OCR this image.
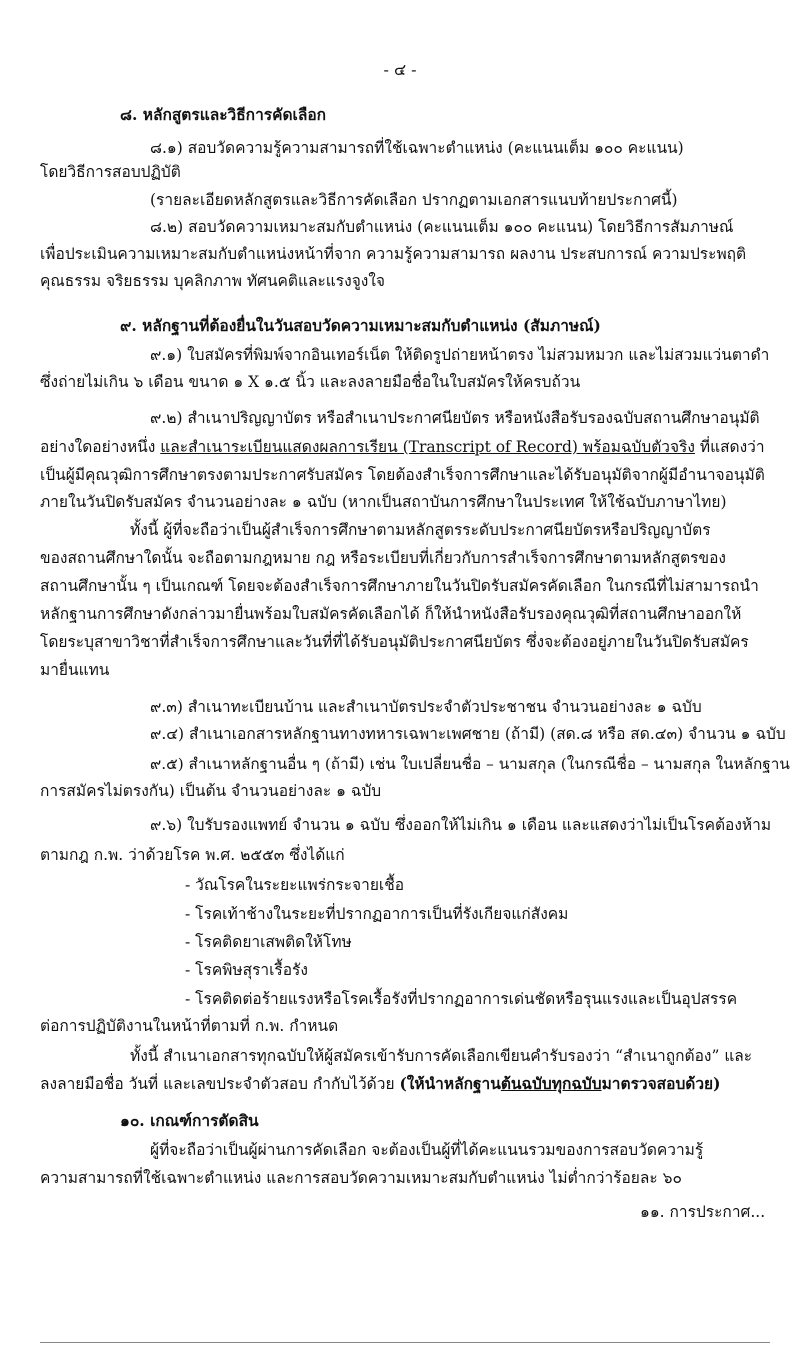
- ๔ -
๘. หลักสูตรและวิธีการคัดเลือก
๘.๑) สอบวัดความรู้ความสามารถที่ใช้เฉพาะตำแหน่ง (คะแนนเต็ม ๑๐๐ คะแนน)
โดยวิธีการสอบปฏิบัติ
(รายละเอียดหลักสูตรและวิธีการคัดเลือก ปรากฏตามเอกสารแนบท้ายประกาศนี้)
๘.๒) สอบวัดความเหมาะสมกับตำแหน่ง (คะแนนเต็ม ๑๐๐ คะแนน) โดยวิธีการสัมภาษณ์
เพื่อประเมินความเหมาะสมกับตำแหน่งหน้าที่จาก ความรู้ความสามารถ ผลงาน ประสบการณ์ ความประพฤติ
คุณธรรม จริยธรรม บุคลิกภาพ ทัศนคติและแรงจูงใจ
๙. หลักฐานที่ต้องยื่นในวันสอบวัดความเหมาะสมกับตำแหน่ง (สัมภาษณ์)
๙.๑) ใบสมัครที่พิมพ์จากอินเทอร์เน็ต ให้ติดรูปถ่ายหน้าตรง ไม่สวมหมวก และไม่สวมแว่นตาดำ
ซึ่งถ่ายไม่เกิน ๖ เดือน ขนาด ๑ X ๑.๕ นิ้ว และลงลายมือชื่อในใบสมัครให้ครบถ้วน
๙.๒) สำเนาปริญญาบัตร หรือสำเนาประกาศนียบัตร หรือหนังสือรับรองฉบับสถานศึกษาอนุมัติ
อย่างใดอย่างหนึ่ง และสำเนาระเบียนแสดงผลการเรียน (Transcript of Record) พร้อมฉบับตัวจริง ที่แสดงว่า
เป็นผู้มีคุณวุฒิการศึกษาตรงตามประกาศรับสมัคร โดยต้องสำเร็จการศึกษาและได้รับอนุมัติจากผู้มีอำนาจอนุมัติ
ภายในวันปิดรับสมัคร จำนวนอย่างละ ๑ ฉบับ (หากเป็นสถาบันการศึกษาในประเทศ ให้ใช้ฉบับภาษาไทย)
ทั้งนี้ ผู้ที่จะถือว่าเป็นผู้สำเร็จการศึกษาตามหลักสูตรระดับประกาศนียบัตรหรือปริญญาบัตร
ของสถานศึกษาใดนั้น จะถือตามกฎหมาย กฎ หรือระเบียบที่เกี่ยวกับการสำเร็จการศึกษาตามหลักสูตรของ
สถานศึกษานั้น ๆ เป็นเกณฑ์ โดยจะต้องสำเร็จการศึกษาภายในวันปิดรับสมัครคัดเลือก ในกรณีที่ไม่สามารถนำ
หลักฐานการศึกษาดังกล่าวมายื่นพร้อมใบสมัครคัดเลือกได้ ก็ให้นำหนังสือรับรองคุณวุฒิที่สถานศึกษาออกให้
โดยระบุสาขาวิชาที่สำเร็จการศึกษาและวันที่ที่ได้รับอนุมัติประกาศนียบัตร ซึ่งจะต้องอยู่ภายในวันปิดรับสมัคร
มายื่นแทน
๙.๓) สำเนาทะเบียนบ้าน และสำเนาบัตรประจำตัวประชาชน จำนวนอย่างละ ๑ ฉบับ
๙.๔) สำเนาเอกสารหลักฐานทางทหารเฉพาะเพศชาย (ถ้ามี) (สด.๘ หรือ สด.๔๓) จำนวน ๑ ฉบับ
๙.๕) สำเนาหลักฐานอื่น ๆ (ถ้ามี) เช่น ใบเปลี่ยนชื่อ – นามสกุล (ในกรณีชื่อ – นามสกุล ในหลักฐาน
การสมัครไม่ตรงกัน) เป็นต้น จำนวนอย่างละ ๑ ฉบับ
๙.๖) ใบรับรองแพทย์ จำนวน ๑ ฉบับ ซึ่งออกให้ไม่เกิน ๑ เดือน และแสดงว่าไม่เป็นโรคต้องห้าม
ตามกฎ ก.พ. ว่าด้วยโรค พ.ศ. ๒๕๕๓ ซึ่งได้แก่
- วัณโรคในระยะแพร่กระจายเชื้อ
- โรคเท้าช้างในระยะที่ปรากฏอาการเป็นที่รังเกียจแก่สังคม
- โรคติดยาเสพติดให้โทษ
- โรคพิษสุราเรื้อรัง
- โรคติดต่อร้ายแรงหรือโรคเรื้อรังที่ปรากฏอาการเด่นชัดหรือรุนแรงและเป็นอุปสรรค
ต่อการปฏิบัติงานในหน้าที่ตามที่ ก.พ. กำหนด
ทั้งนี้ สำเนาเอกสารทุกฉบับให้ผู้สมัครเข้ารับการคัดเลือกเขียนคำรับรองว่า “สำเนาถูกต้อง” และ
ลงลายมือชื่อ วันที่ และเลขประจำตัวสอบ กำกับไว้ด้วย (ให้นำหลักฐานต้นฉบับทุกฉบับมาตรวจสอบด้วย)
๑๐. เกณฑ์การตัดสิน
ผู้ที่จะถือว่าเป็นผู้ผ่านการคัดเลือก จะต้องเป็นผู้ที่ได้คะแนนรวมของการสอบวัดความรู้
ความสามารถที่ใช้เฉพาะตำแหน่ง และการสอบวัดความเหมาะสมกับตำแหน่ง ไม่ต่ำกว่าร้อยละ ๖๐
๑๑. การประกาศ...
